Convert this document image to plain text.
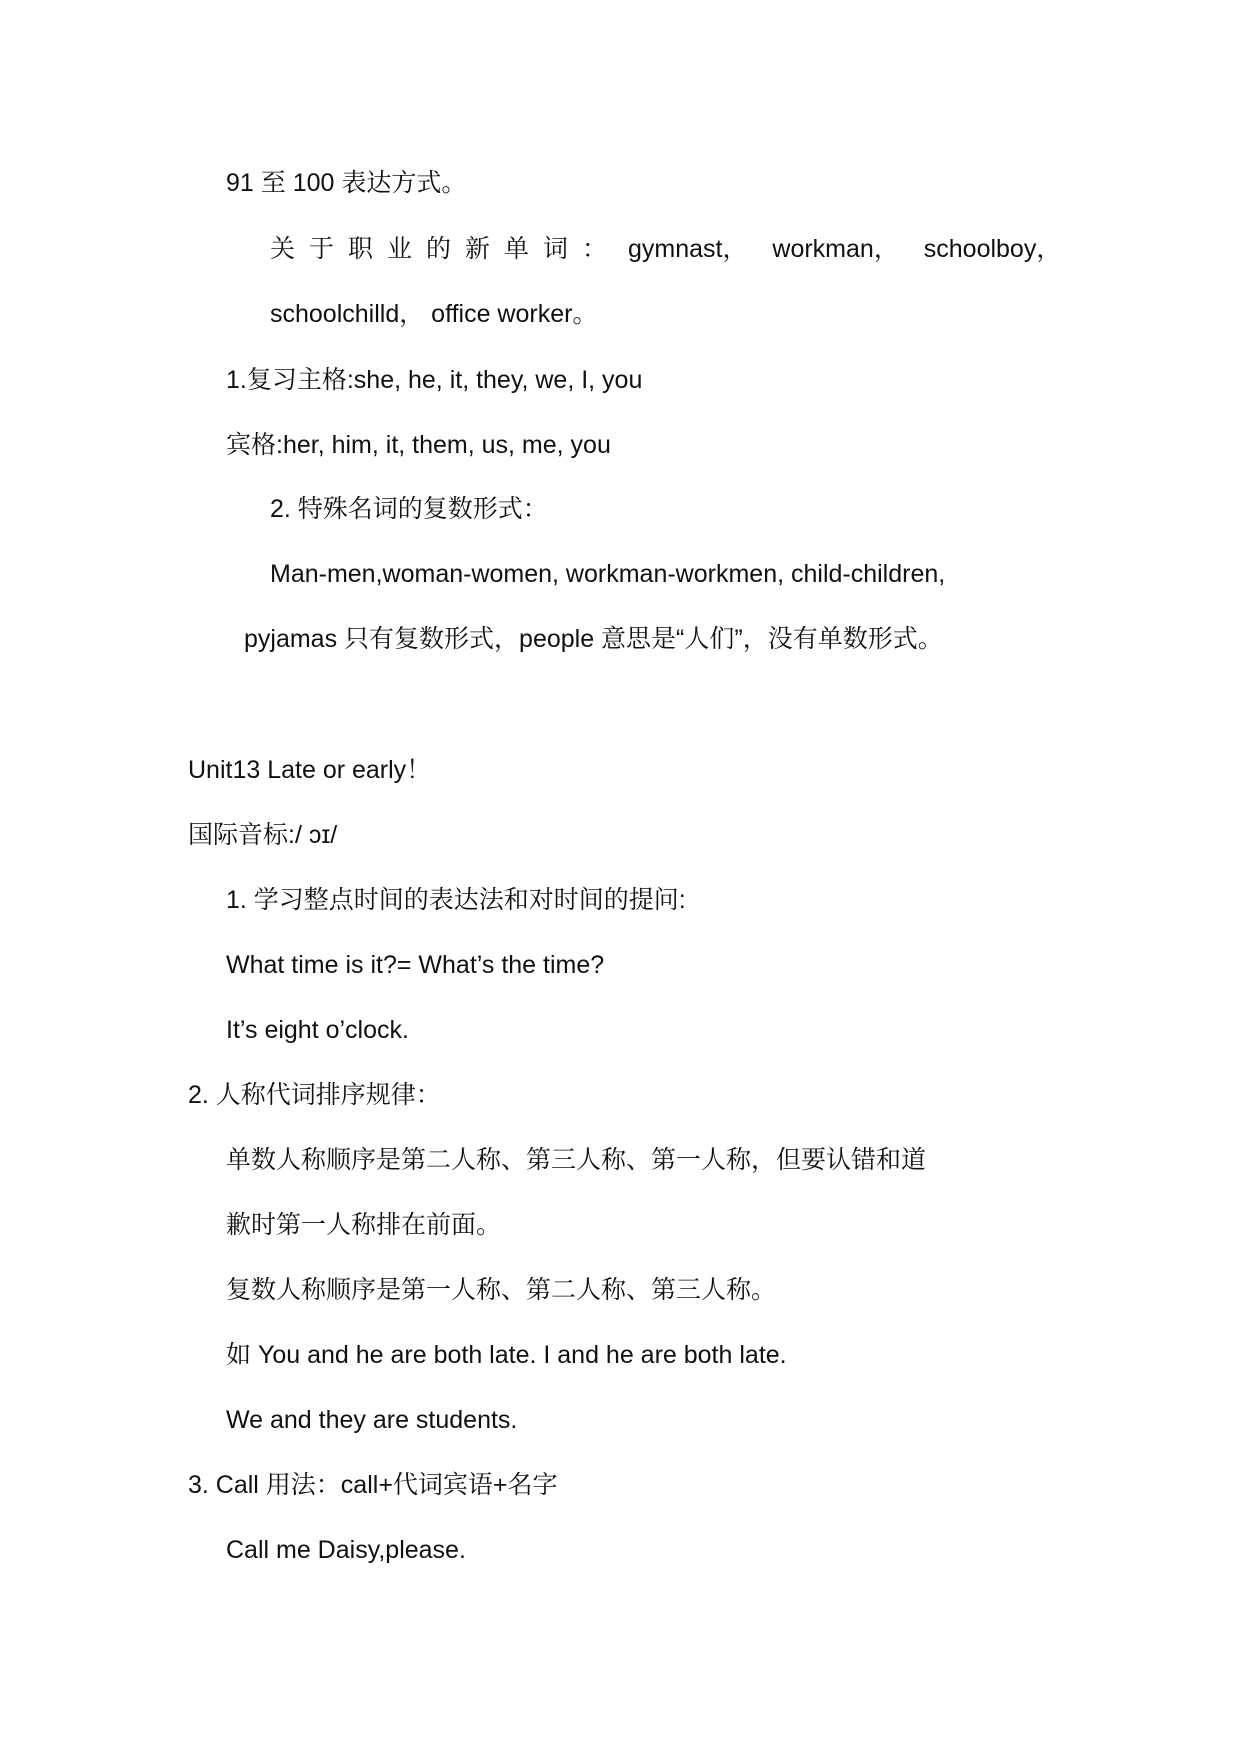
91 至 100 表达方式。
关于职业的新单词： gymnast， workman， schoolboy，
schoolchilld， office worker。
1.复习主格:she, he, it, they, we, I, you
宾格:her, him, it, them, us, me, you
2. 特殊名词的复数形式：
Man-men,woman-women, workman-workmen, child-children,
pyjamas 只有复数形式，people 意思是“人们”，没有单数形式。
Unit13 Late or early！
国际音标:/ ɔɪ/
1. 学习整点时间的表达法和对时间的提问:
What time is it?= What’s the time?
It’s eight o’clock.
2. 人称代词排序规律：
单数人称顺序是第二人称、第三人称、第一人称，但要认错和道
歉时第一人称排在前面。
复数人称顺序是第一人称、第二人称、第三人称。
如 You and he are both late. I and he are both late.
We and they are students.
3. Call 用法：call+代词宾语+名字
Call me Daisy,please.
